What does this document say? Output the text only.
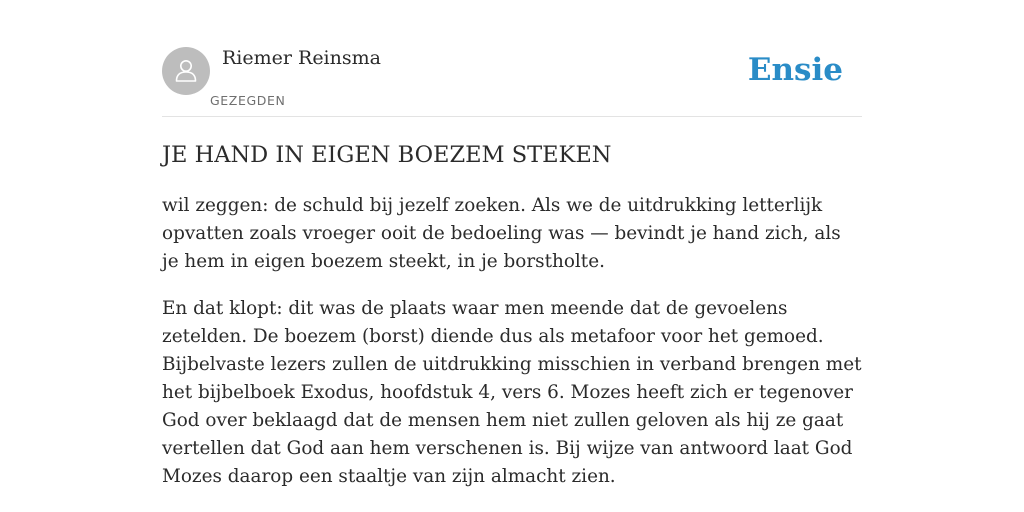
Riemer Reinsma
GEZEGDEN
Ensie
JE HAND IN EIGEN BOEZEM STEKEN

wil zeggen: de schuld bij jezelf zoeken. Als we de uitdrukking letterlijk opvatten zoals vroeger ooit de bedoeling was — bevindt je hand zich, als je hem in eigen boezem steekt, in je borstholte.

En dat klopt: dit was de plaats waar men meende dat de gevoelens zetelden. De boezem (borst) diende dus als metafoor voor het gemoed. Bijbelvaste lezers zullen de uitdrukking misschien in verband brengen met het bijbelboek Exodus, hoofdstuk 4, vers 6. Mozes heeft zich er tegenover God over beklaagd dat de mensen hem niet zullen geloven als hij ze gaat vertellen dat God aan hem verschenen is. Bij wijze van antwoord laat God Mozes daarop een staaltje van zijn almacht zien.
